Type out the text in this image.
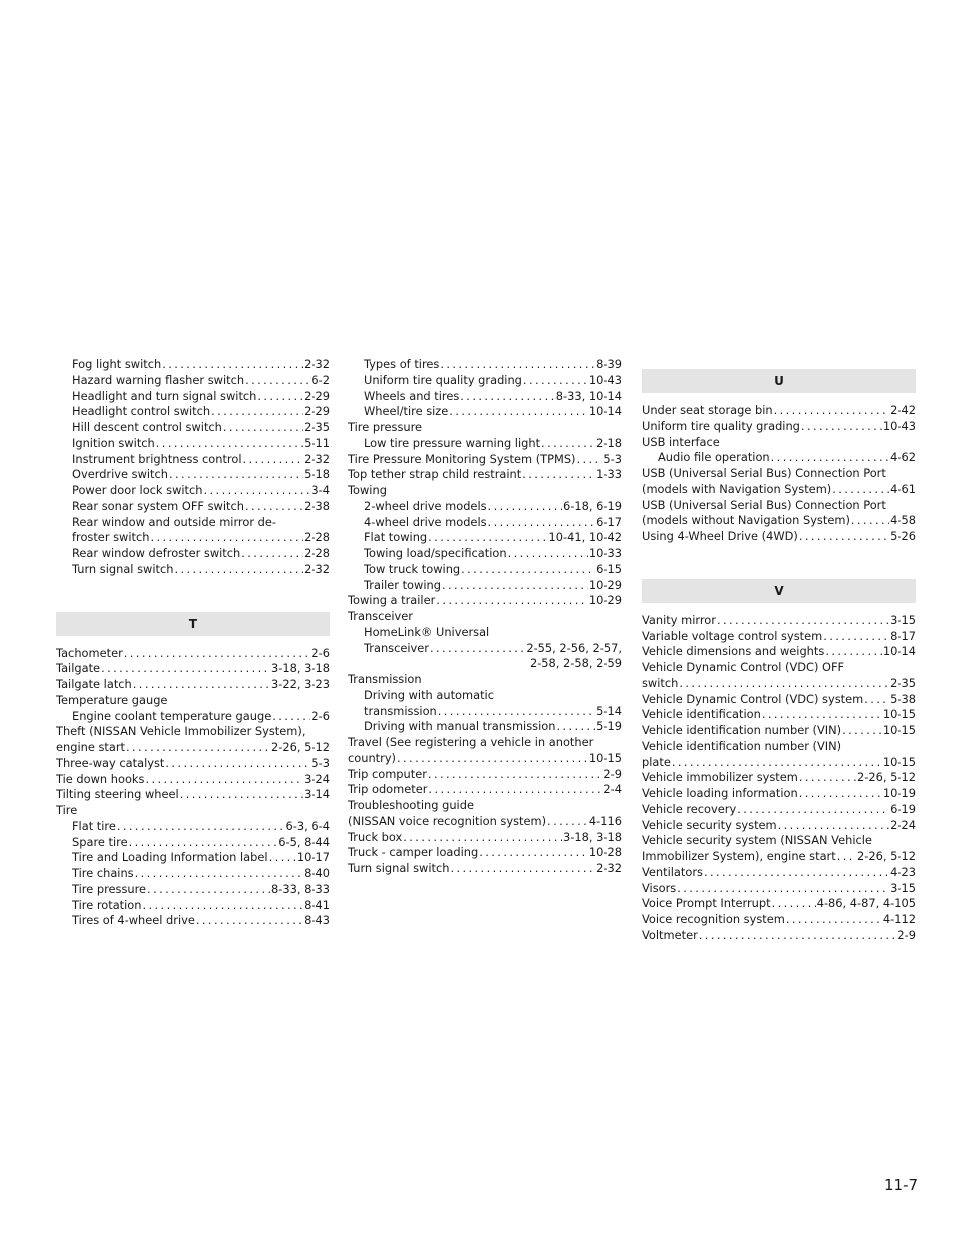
Fog light switch .....	2-32
Hazard warning flasher switch .....	6-2
Headlight and turn signal switch .....	2-29
Headlight control switch .....	2-29
Hill descent control switch .....	2-35
Ignition switch .....	5-11
Instrument brightness control .....	2-32
Overdrive switch .....	5-18
Power door lock switch .....	3-4
Rear sonar system OFF switch .....	2-38
Rear window and outside mirror de-
froster switch .....	2-28
Rear window defroster switch .....	2-28
Turn signal switch .....	2-32
T
Tachometer .....	2-6
Tailgate .....	3-18, 3-18
Tailgate latch .....	3-22, 3-23
Temperature gauge
Engine coolant temperature gauge .....	2-6
Theft (NISSAN Vehicle Immobilizer System),
engine start .....	2-26, 5-12
Three-way catalyst .....	5-3
Tie down hooks .....	3-24
Tilting steering wheel .....	3-14
Tire
Flat tire .....	6-3, 6-4
Spare tire .....	6-5, 8-44
Tire and Loading Information label .....	10-17
Tire chains .....	8-40
Tire pressure .....	8-33, 8-33
Tire rotation .....	8-41
Tires of 4-wheel drive .....	8-43
Types of tires .....	8-39
Uniform tire quality grading .....	10-43
Wheels and tires .....	8-33, 10-14
Wheel/tire size .....	10-14
Tire pressure
Low tire pressure warning light .....	2-18
Tire Pressure Monitoring System (TPMS) ..... 5-3
Top tether strap child restraint .....	1-33
Towing
2-wheel drive models .....	6-18, 6-19
4-wheel drive models .....	6-17
Flat towing .....	10-41, 10-42
Towing load/specification .....	10-33
Tow truck towing .....	6-15
Trailer towing .....	10-29
Towing a trailer .....	10-29
Transceiver
HomeLink® Universal
Transceiver .....	2-55, 2-56, 2-57,
2-58, 2-58, 2-59
Transmission
Driving with automatic
transmission .....	5-14
Driving with manual transmission .....	5-19
Travel (See registering a vehicle in another
country) .....	10-15
Trip computer .....	2-9
Trip odometer .....	2-4
Troubleshooting guide
(NISSAN voice recognition system) .....	4-116
Truck box .....	3-18, 3-18
Truck - camper loading .....	10-28
Turn signal switch .....	2-32
U
Under seat storage bin .....	2-42
Uniform tire quality grading .....	10-43
USB interface
Audio file operation .....	4-62
USB (Universal Serial Bus) Connection Port
(models with Navigation System) .....	4-61
USB (Universal Serial Bus) Connection Port
(models without Navigation System) .....	4-58
Using 4-Wheel Drive (4WD) .....	5-26
V
Vanity mirror .....	3-15
Variable voltage control system .....	8-17
Vehicle dimensions and weights .....	10-14
Vehicle Dynamic Control (VDC) OFF
switch .....	2-35
Vehicle Dynamic Control (VDC) system ..... 5-38
Vehicle identification .....	10-15
Vehicle identification number (VIN) .....	10-15
Vehicle identification number (VIN)
plate .....	10-15
Vehicle immobilizer system .....	2-26, 5-12
Vehicle loading information .....	10-19
Vehicle recovery .....	6-19
Vehicle security system .....	2-24
Vehicle security system (NISSAN Vehicle
Immobilizer System), engine start ..... 2-26, 5-12
Ventilators .....	4-23
Visors .....	3-15
Voice Prompt Interrupt .....	4-86, 4-87, 4-105
Voice recognition system .....	4-112
Voltmeter .....	2-9
11-7
